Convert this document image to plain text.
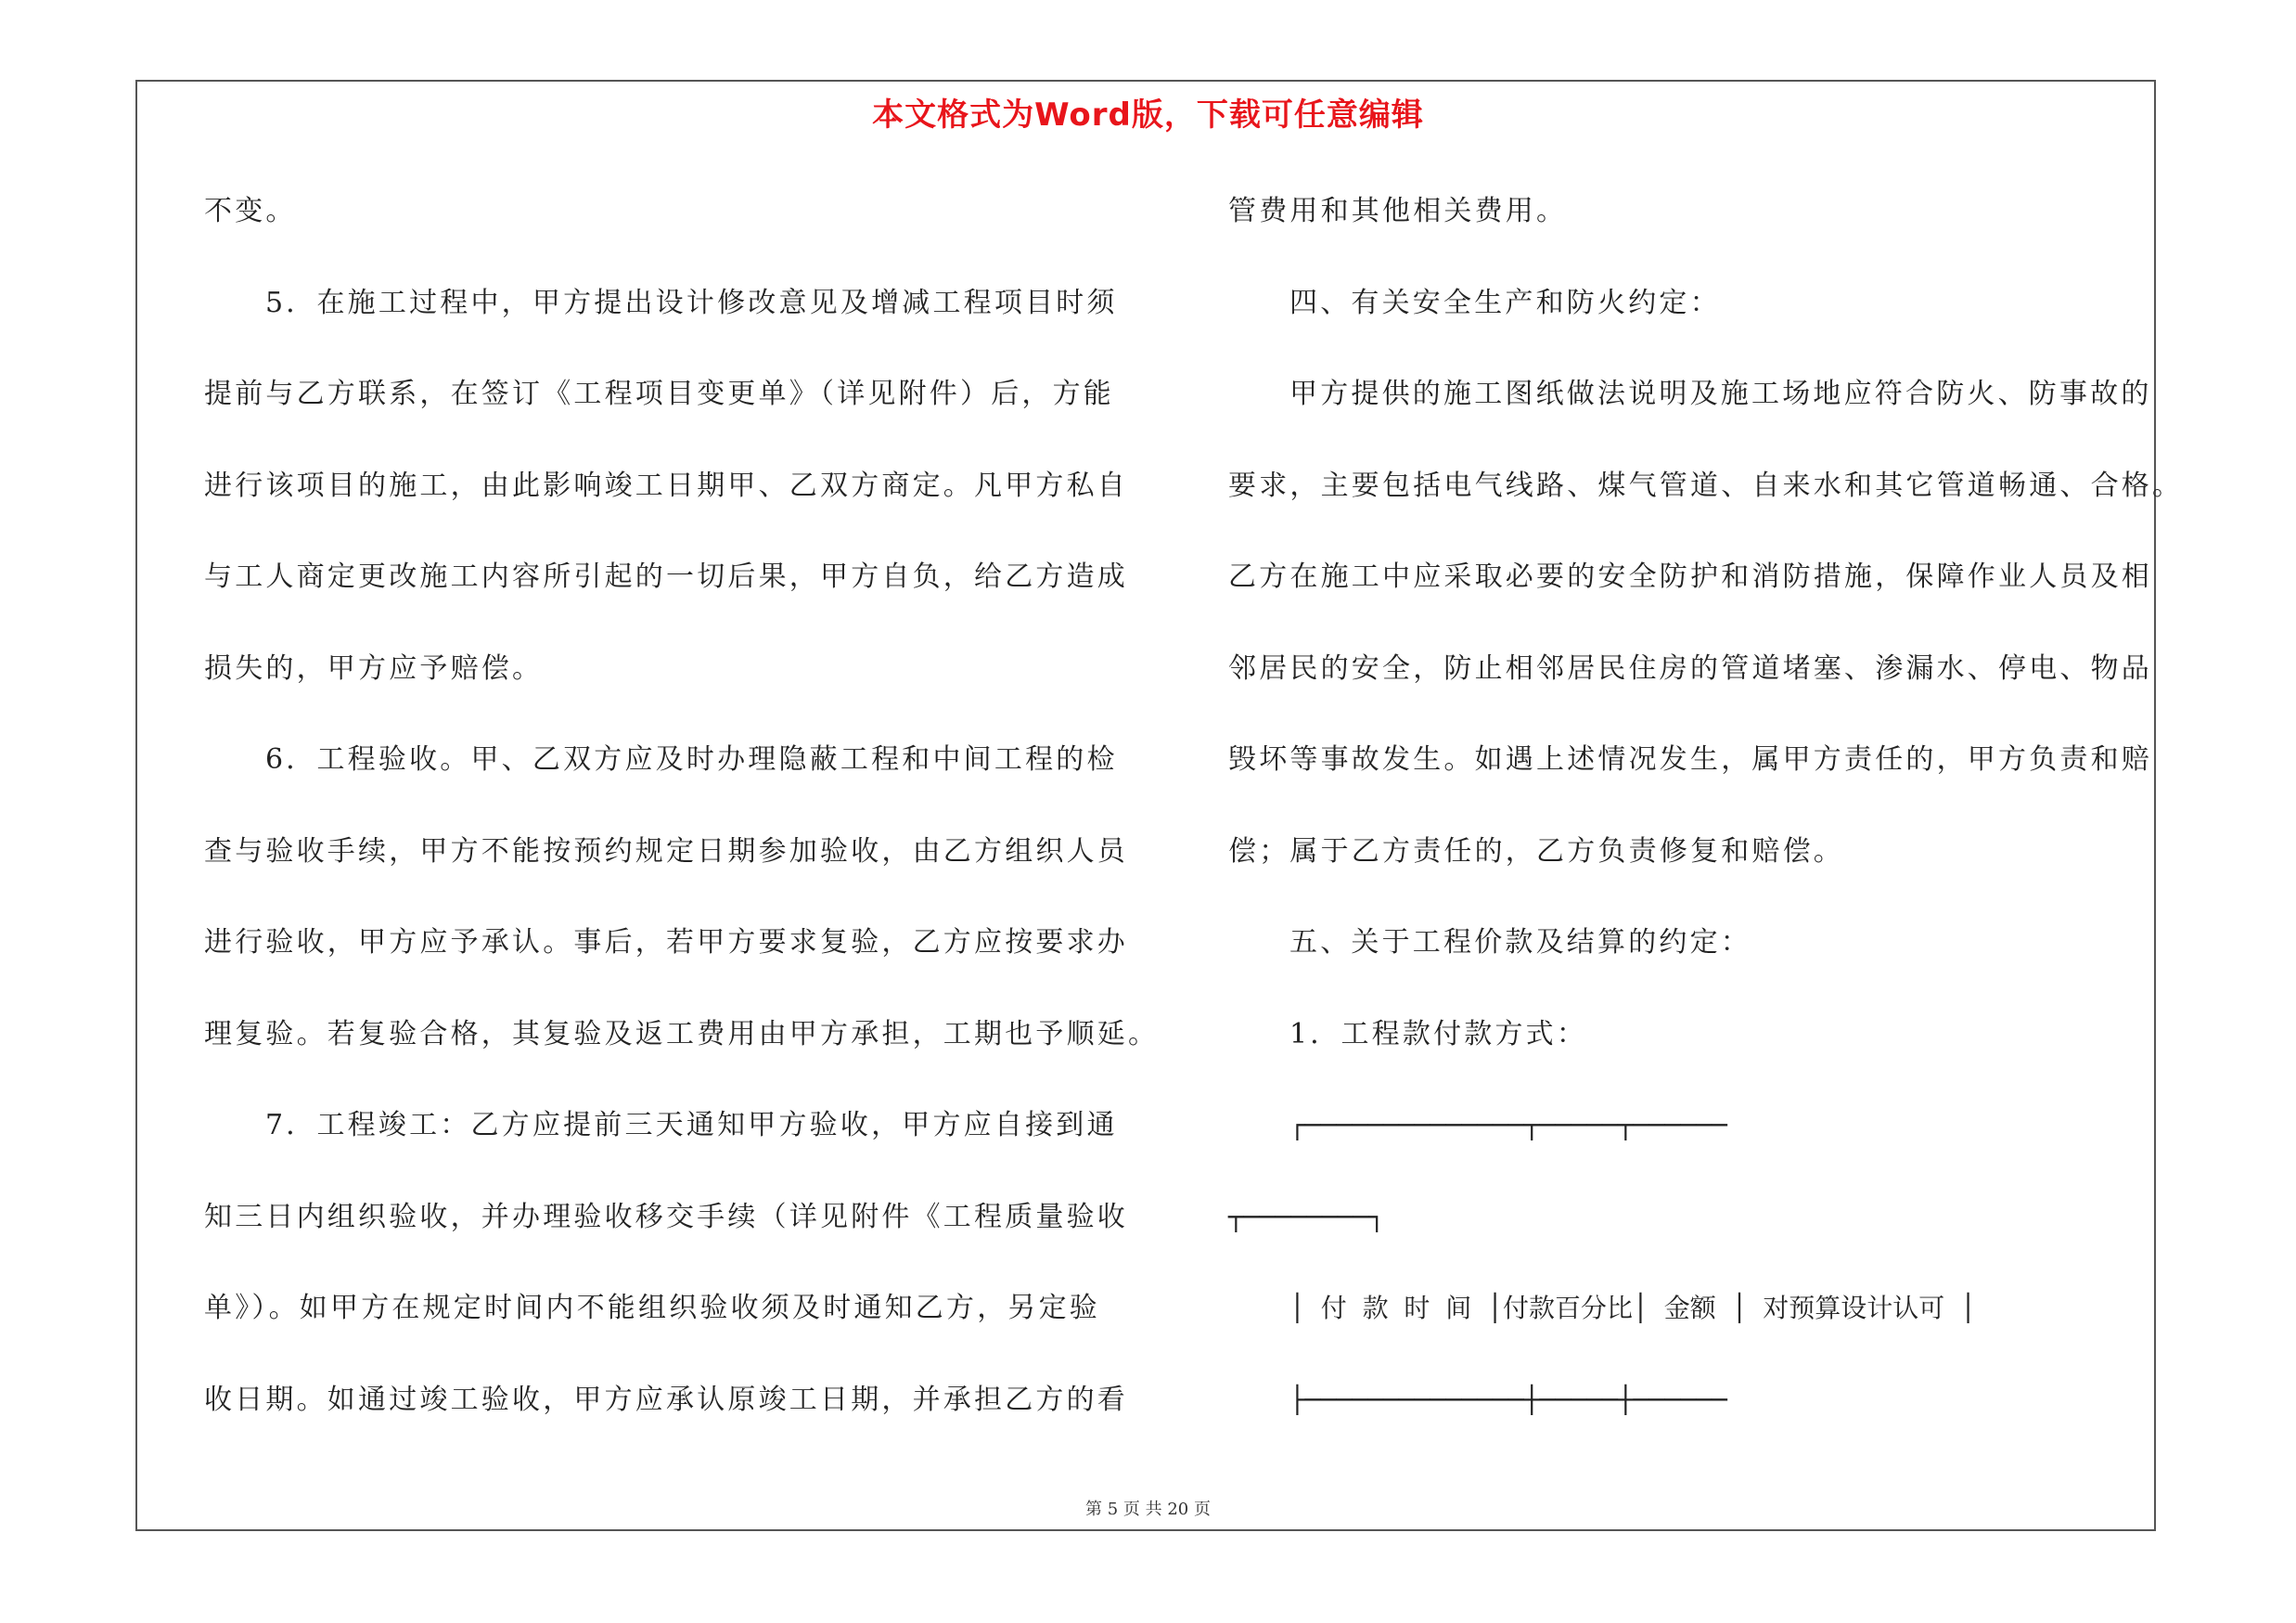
本文格式为Word版，下载可任意编辑
不变。
5．在施工过程中，甲方提出设计修改意见及增减工程项目时须
提前与乙方联系，在签订《工程项目变更单》（详见附件）后，方能
进行该项目的施工，由此影响竣工日期甲、乙双方商定。凡甲方私自
与工人商定更改施工内容所引起的一切后果，甲方自负，给乙方造成
损失的，甲方应予赔偿。
6．工程验收。甲、乙双方应及时办理隐蔽工程和中间工程的检
查与验收手续，甲方不能按预约规定日期参加验收，由乙方组织人员
进行验收，甲方应予承认。事后，若甲方要求复验，乙方应按要求办
理复验。若复验合格，其复验及返工费用由甲方承担，工期也予顺延。
7．工程竣工：乙方应提前三天通知甲方验收，甲方应自接到通
知三日内组织验收，并办理验收移交手续（详见附件《工程质量验收
单》）。如甲方在规定时间内不能组织验收须及时通知乙方，另定验
收日期。如通过竣工验收，甲方应承认原竣工日期，并承担乙方的看
管费用和其他相关费用。
四、有关安全生产和防火约定：
甲方提供的施工图纸做法说明及施工场地应符合防火、防事故的
要求，主要包括电气线路、煤气管道、自来水和其它管道畅通、合格。
乙方在施工中应采取必要的安全防护和消防措施，保障作业人员及相
邻居民的安全，防止相邻居民住房的管道堵塞、渗漏水、停电、物品
毁坏等事故发生。如遇上述情况发生，属甲方责任的，甲方负责和赔
偿；属于乙方责任的，乙方负责修复和赔偿。
五、关于工程价款及结算的约定：
1．工程款付款方式：
┌──────────────┬─────┬──────
┬────────┐
│ 付 款 时 间 │付款百分比│ 金额 │ 对预算设计认可 │
├──────────────┼─────┼──────
第 5 页 共 20 页
